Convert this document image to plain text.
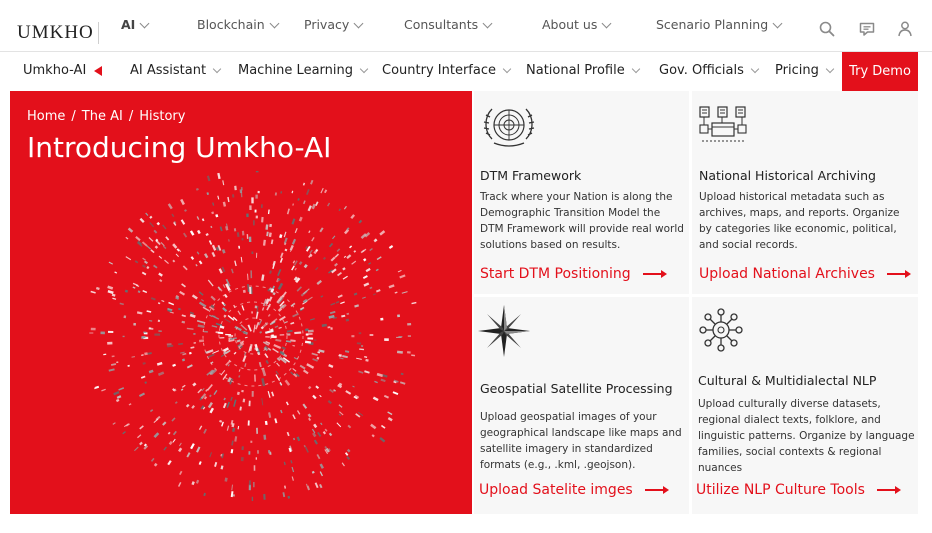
UMKHO AI	Blockchain	Privacy	Consultants	About us	Scenario Planning
Umkho-AI	AI Assistant Machine Learning Country Interface National Profile	Gov. Officials Pricing	Try Demo
Home / The AI / History
Introducing Umkho-AI
DTM Framework
Track where your Nation is along the Demographic Transition Model the DTM Framework will provide real world solutions based on results.
Start DTM Positioning
National Historical Archiving
Upload historical metadata such as archives, maps, and reports. Organize by categories like economic, political, and social records.
Upload National Archives
Geospatial Satellite Processing
Upload geospatial images of your geographical landscape like maps and satellite imagery in standardized formats (e.g., .kml, .geojson).
Upload Satelite imges
Cultural & Multidialectal NLP
Upload culturally diverse datasets, regional dialect texts, folklore, and linguistic patterns. Organize by language families, social contexts & regional nuances
Utilize NLP Culture Tools
